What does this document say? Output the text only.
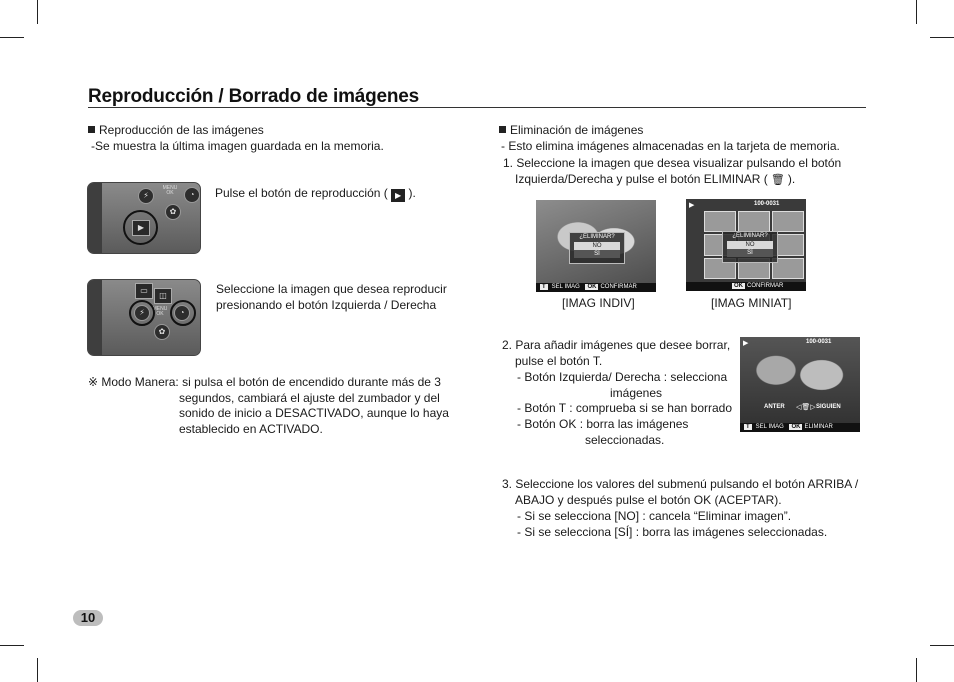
Reproducción / Borrado de imágenes
Reproducción de las imágenes
-Se muestra la última imagen guardada en la memoria.
⚡
MENU
OK	◔
✿
▶
Pulse el botón de reproducción ( ▶ ).
▭
◫
⚡	MENU
OK	◔
✿
Seleccione la imagen que desea reproducir
presionando el botón Izquierda / Derecha
※ Modo Manera: si pulsa el botón de encendido durante más de 3
segundos, cambiará el ajuste del zumbador y del
sonido de inicio a DESACTIVADO, aunque lo haya
establecido en ACTIVADO.
Eliminación de imágenes
- Esto elimina imágenes almacenadas en la tarjeta de memoria.
1. Seleccione la imagen que desea visualizar pulsando el botón
Izquierda/Derecha y pulse el botón ELIMINAR ( 🗑 ).
¿ELIMINAR?
NO
SÍ
T SEL IMAG OK CONFIRMAR
[IMAG INDIV]
▶	100-0031
¿ELIMINAR?
NO
SÍ
OK CONFIRMAR
[IMAG MINIAT]
2. Para añadir imágenes que desee borrar,
pulse el botón T.
- Botón Izquierda/ Derecha : selecciona
imágenes
- Botón T : comprueba si se han borrado
- Botón OK : borra las imágenes
seleccionadas.
▶	100-0031
ANTER ◁🗑▷ SIGUIEN
T SEL IMAG OK ELIMINAR
3. Seleccione los valores del submenú pulsando el botón ARRIBA /
ABAJO y después pulse el botón OK (ACEPTAR).
- Si se selecciona [NO] : cancela “Eliminar imagen”.
- Si se selecciona [SÍ] : borra las imágenes seleccionadas.
10
